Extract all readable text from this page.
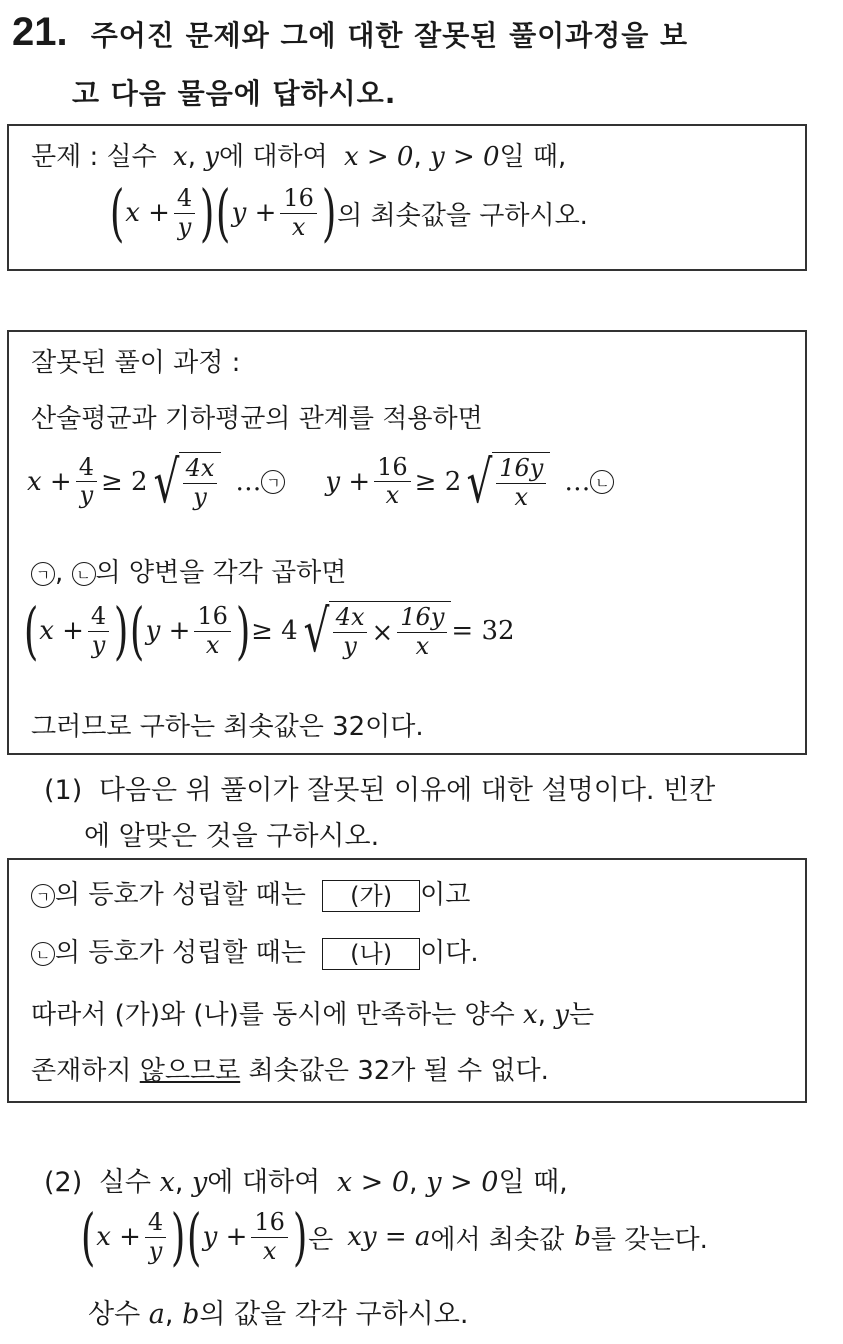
21. 주어진 문제와 그에 대한 잘못된 풀이과정을 보
고 다음 물음에 답하시오.
문제 : 실수 x, y에 대하여 x > 0, y > 0일 때,
( $x + \frac{4}{y}$ ) ( $y + \frac{16}{x}$ ) 의 최솟값을 구하시오.
잘못된 풀이 과정 :
산술평균과 기하평균의 관계를 적용하면
$x + \frac{4}{y} \ge 2$ √ $\frac{4x}{y}$ … ㄱ $y + \frac{16}{x} \ge 2$ √ $\frac{16y}{x}$ … ㄴ
ㄱ , ㄴ 의 양변을 각각 곱하면
( $x + \frac{4}{y}$ ) ( $y + \frac{16}{x}$ ) ≥ 4 √ $\frac{4x}{y} \times \frac{16y}{x} = 32$
그러므로 구하는 최솟값은 32이다.
(1) 다음은 위 풀이가 잘못된 이유에 대한 설명이다. 빈칸
에 알맞은 것을 구하시오.
ㄱ 의 등호가 성립할 때는 (가) 이고
ㄴ 의 등호가 성립할 때는 (나) 이다.
따라서 (가)와 (나)를 동시에 만족하는 양수 x, y는
존재하지 않으므로 최솟값은 32가 될 수 없다.
(2) 실수 x, y에 대하여 x > 0, y > 0일 때,
( $x + \frac{4}{y}$ ) ( $y + \frac{16}{x}$ ) 은 xy = a 에서 최솟값 b 를 갖는다.
상수 a, b의 값을 각각 구하시오.
